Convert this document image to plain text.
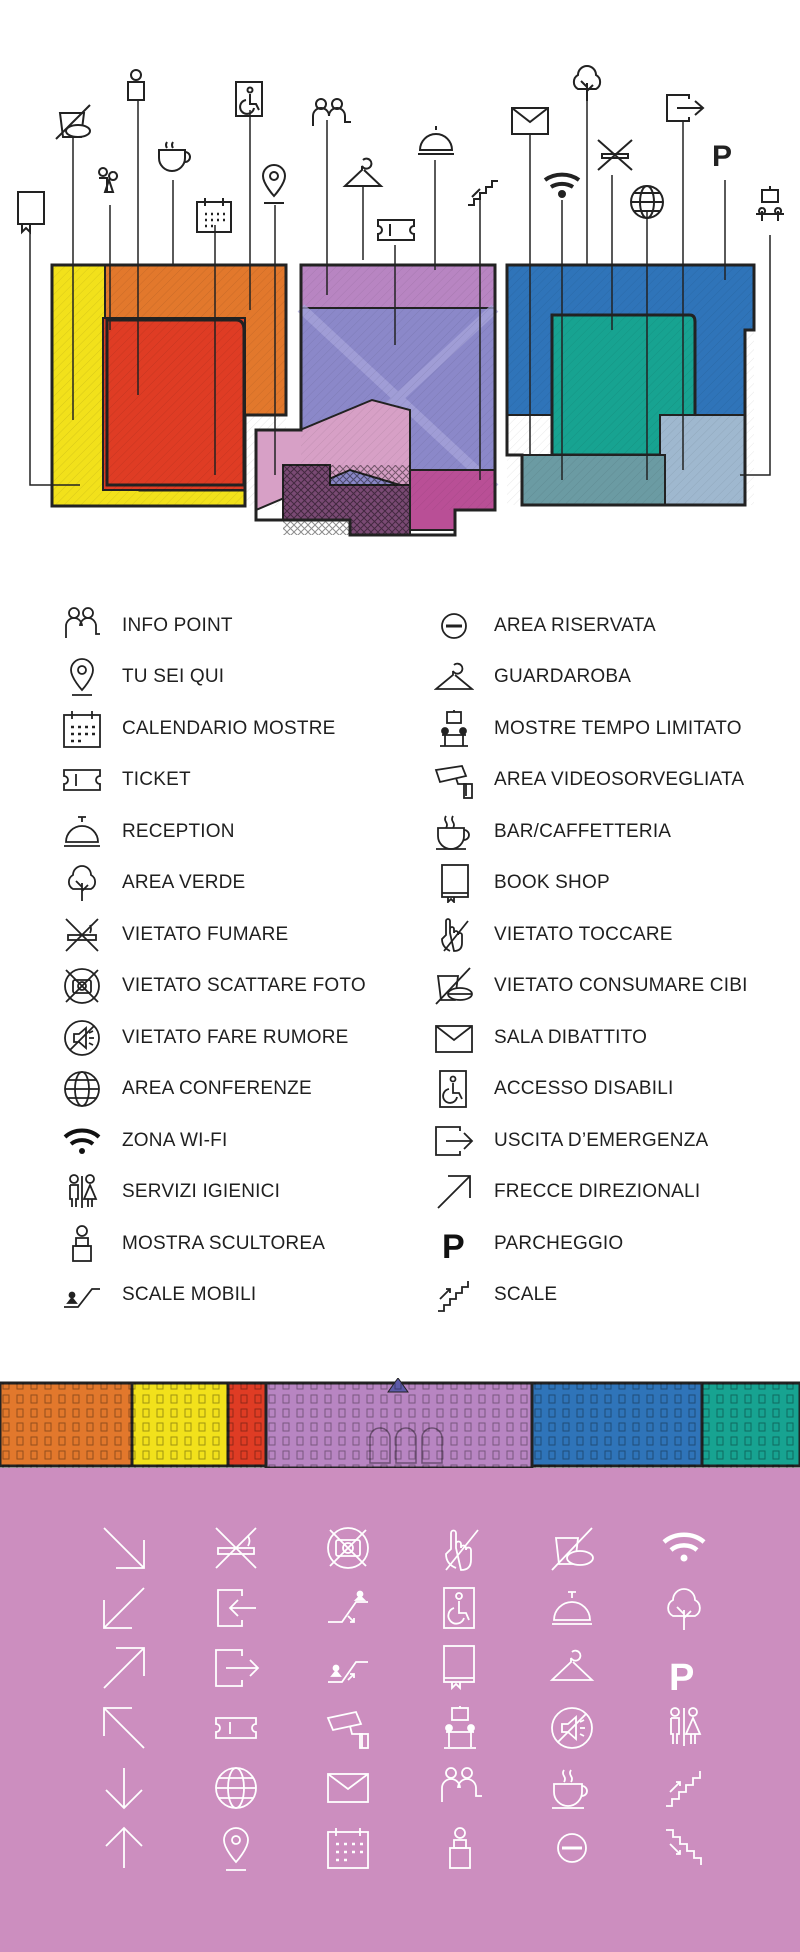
P
INFO POINT
TU SEI QUI
CALENDARIO MOSTRE
TICKET
RECEPTION
AREA VERDE
VIETATO FUMARE
VIETATO SCATTARE FOTO
VIETATO FARE RUMORE
AREA CONFERENZE
ZONA WI-FI
SERVIZI IGIENICI
MOSTRA SCULTOREA
SCALE MOBILI
AREA RISERVATA
GUARDAROBA
MOSTRE TEMPO LIMITATO
AREA VIDEOSORVEGLIATA
BAR/CAFFETTERIA
BOOK SHOP
VIETATO TOCCARE
VIETATO CONSUMARE CIBI
SALA DIBATTITO
ACCESSO DISABILI
USCITA D’EMERGENZA
FRECCE DIREZIONALI
P PARCHEGGIO
SCALE
P
